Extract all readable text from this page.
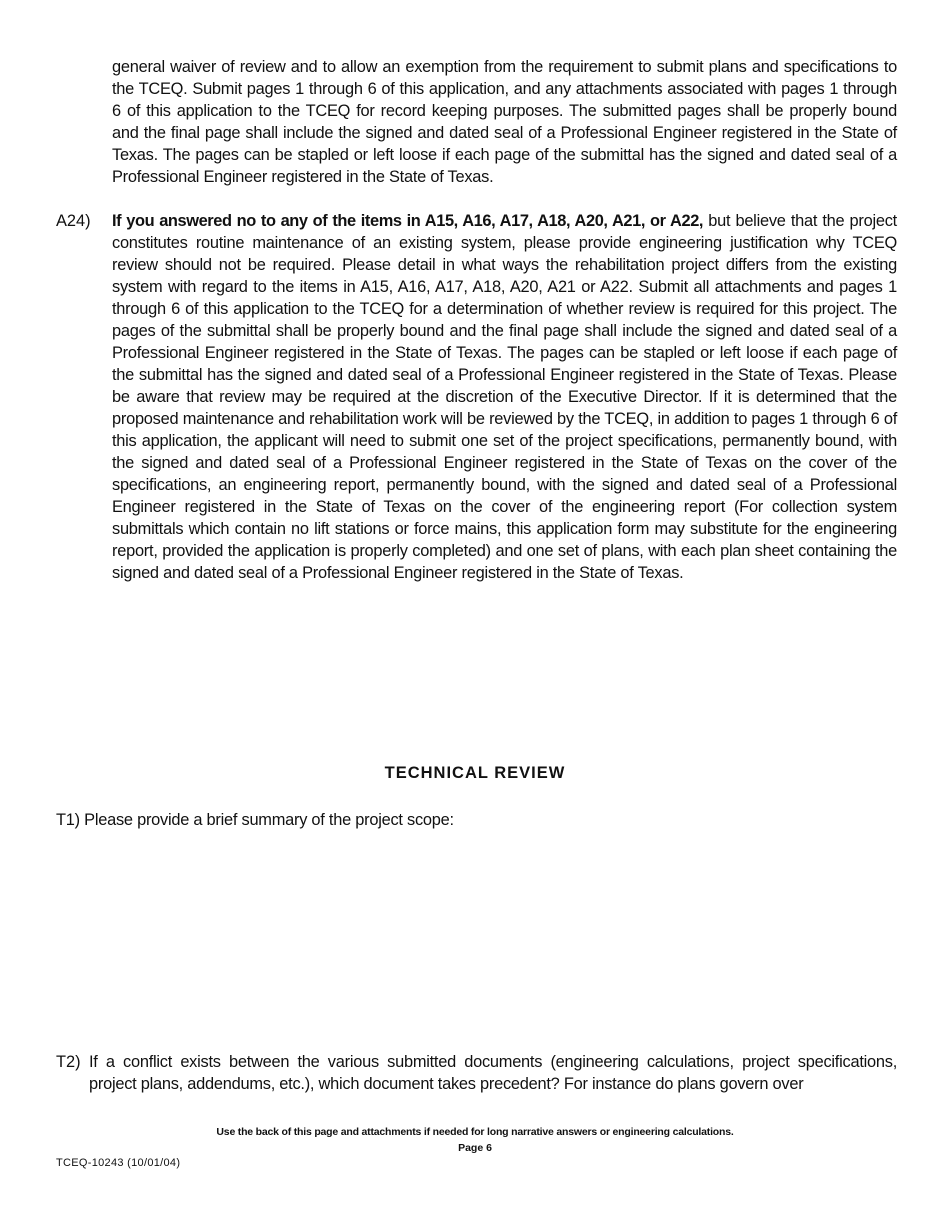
general waiver of review and to allow an exemption from the requirement to submit plans and specifications to the TCEQ. Submit pages 1 through 6 of this application, and any attachments associated with pages 1 through 6 of this application to the TCEQ for record keeping purposes. The submitted pages shall be properly bound and the final page shall include the signed and dated seal of a Professional Engineer registered in the State of Texas. The pages can be stapled or left loose if each page of the submittal has the signed and dated seal of a Professional Engineer registered in the State of Texas.
A24) If you answered no to any of the items in A15, A16, A17, A18, A20, A21, or A22, but believe that the project constitutes routine maintenance of an existing system, please provide engineering justification why TCEQ review should not be required. Please detail in what ways the rehabilitation project differs from the existing system with regard to the items in A15, A16, A17, A18, A20, A21 or A22. Submit all attachments and pages 1 through 6 of this application to the TCEQ for a determination of whether review is required for this project. The pages of the submittal shall be properly bound and the final page shall include the signed and dated seal of a Professional Engineer registered in the State of Texas. The pages can be stapled or left loose if each page of the submittal has the signed and dated seal of a Professional Engineer registered in the State of Texas. Please be aware that review may be required at the discretion of the Executive Director. If it is determined that the proposed maintenance and rehabilitation work will be reviewed by the TCEQ, in addition to pages 1 through 6 of this application, the applicant will need to submit one set of the project specifications, permanently bound, with the signed and dated seal of a Professional Engineer registered in the State of Texas on the cover of the specifications, an engineering report, permanently bound, with the signed and dated seal of a Professional Engineer registered in the State of Texas on the cover of the engineering report (For collection system submittals which contain no lift stations or force mains, this application form may substitute for the engineering report, provided the application is properly completed) and one set of plans, with each plan sheet containing the signed and dated seal of a Professional Engineer registered in the State of Texas.
TECHNICAL REVIEW
T1) Please provide a brief summary of the project scope:
T2) If a conflict exists between the various submitted documents (engineering calculations, project specifications, project plans, addendums, etc.), which document takes precedent? For instance do plans govern over
Use the back of this page and attachments if needed for long narrative answers or engineering calculations.
Page 6
TCEQ-10243 (10/01/04)
